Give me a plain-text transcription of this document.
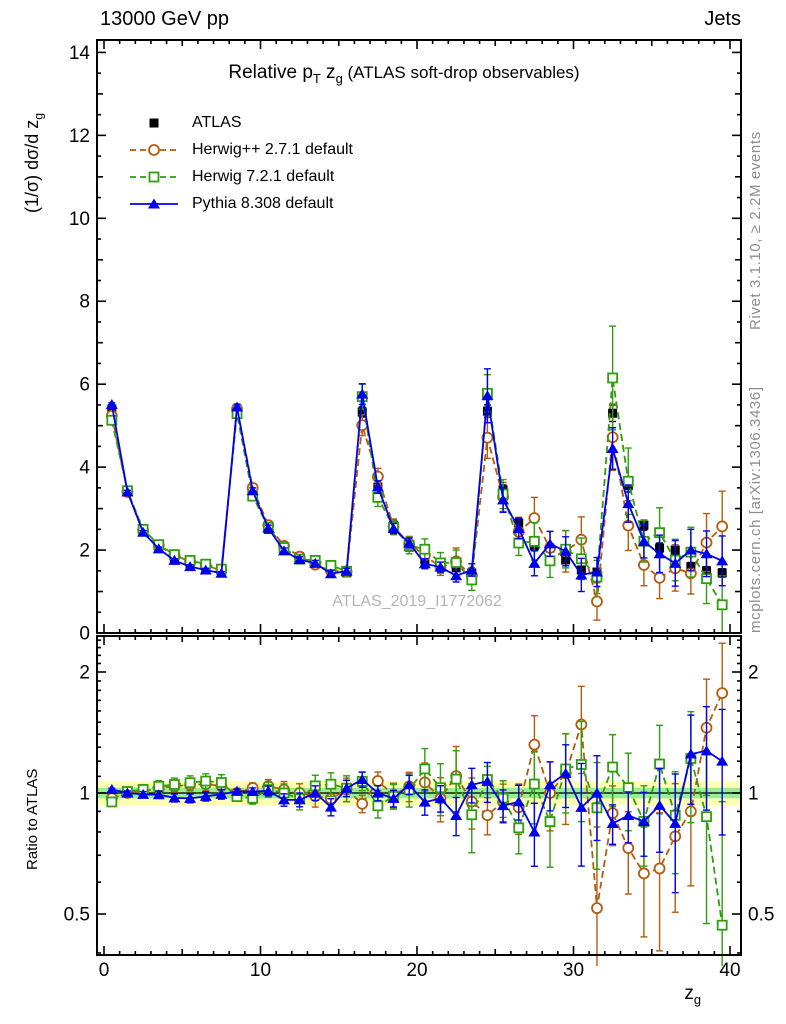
ATLAS_2019_I1772062
0
2
4
6
8
10
12
14
0.5	0.5
1	1
2	2
0	10	20	30	40
13000 GeV pp	Jets
Relative $p_T$ $z_g$ (ATLAS soft-drop observables)
ATLAS
Herwig++ 2.7.1 default
Herwig 7.2.1 default
Pythia 8.308 default
(1/σ) dσ/d $z_g$
Ratio to ATLAS
Rivet 3.1.10, ≥ 2.2M events
mcplots.cern.ch [arXiv:1306.3436]
$z_g$
